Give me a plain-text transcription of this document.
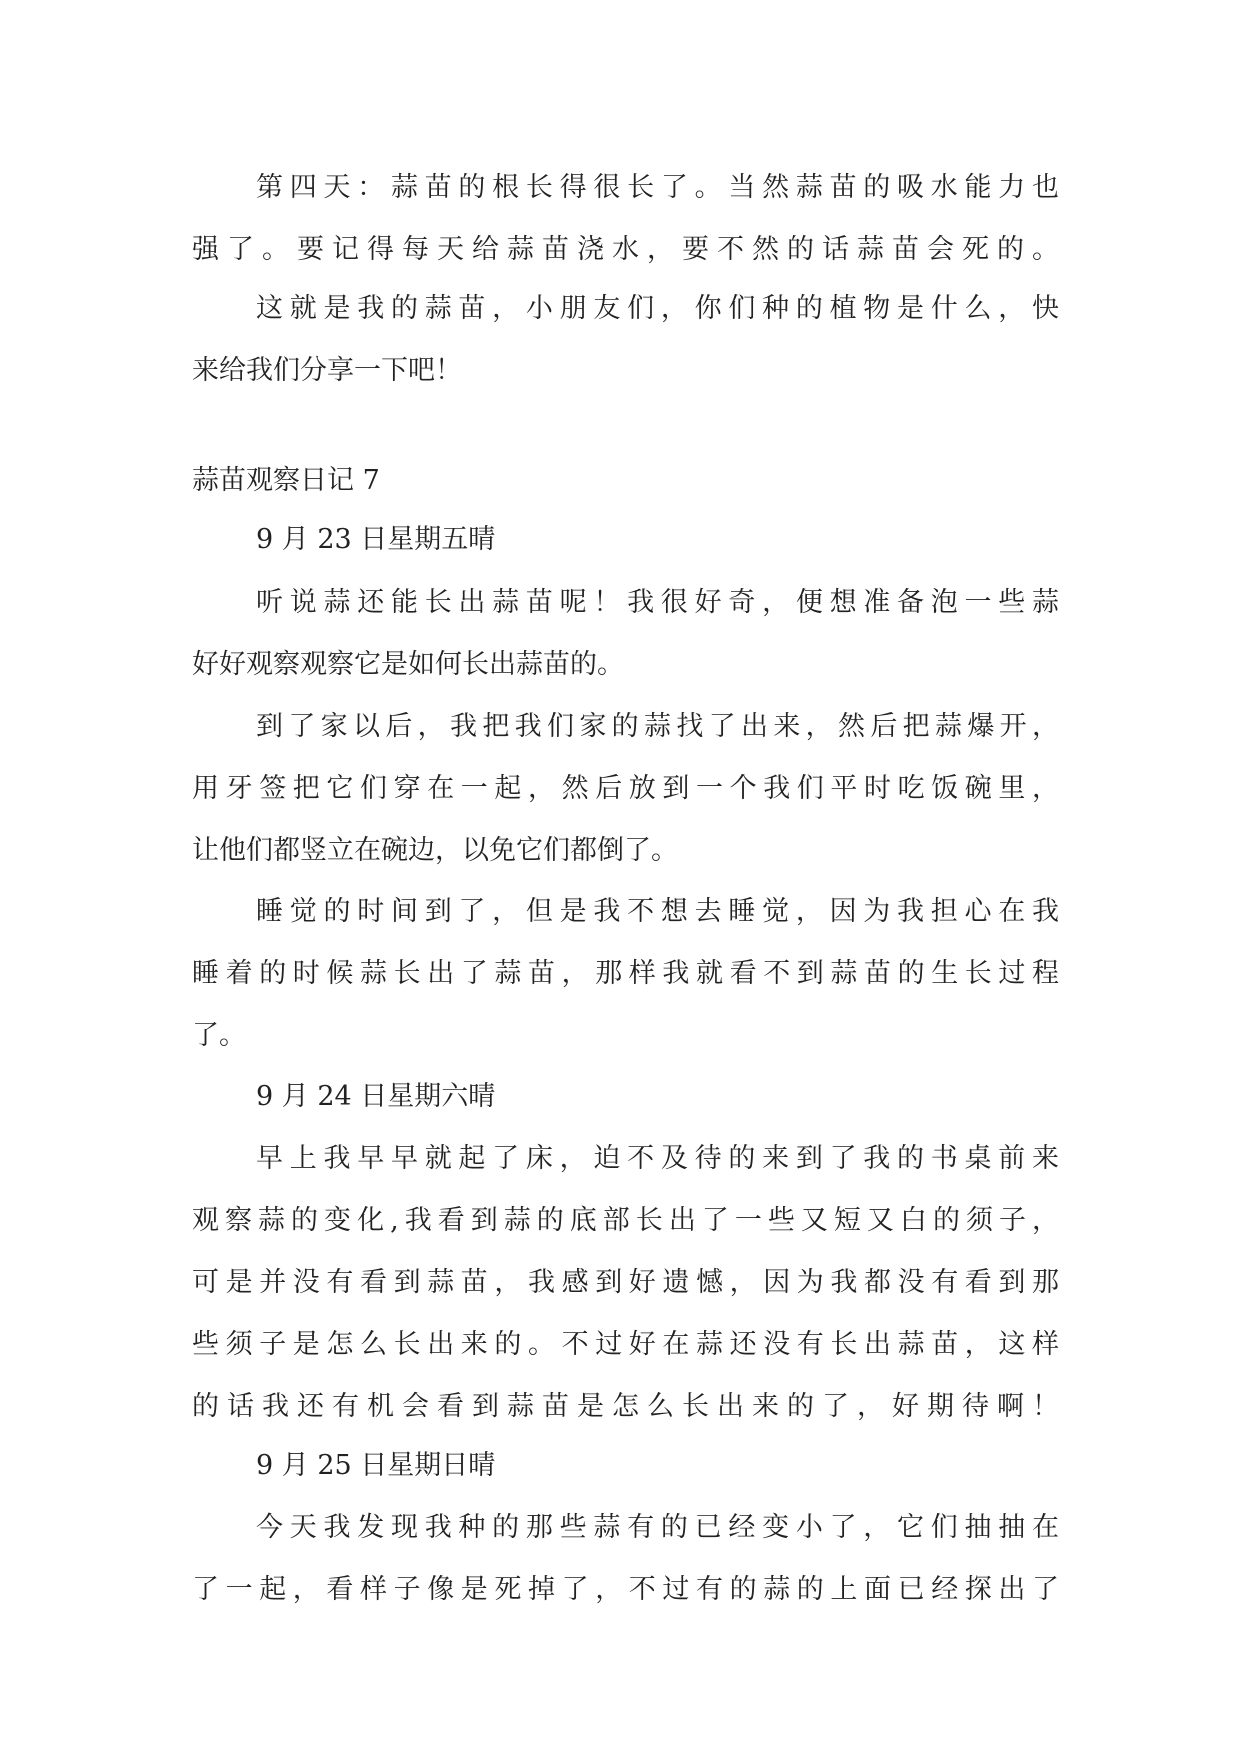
第四天：蒜苗的根长得很长了。当然蒜苗的吸水能力也
强了。要记得每天给蒜苗浇水，要不然的话蒜苗会死的。
这就是我的蒜苗，小朋友们，你们种的植物是什么，快
来给我们分享一下吧！
蒜苗观察日记 7
9 月 23 日星期五晴
听说蒜还能长出蒜苗呢！我很好奇，便想准备泡一些蒜
好好观察观察它是如何长出蒜苗的。
到了家以后，我把我们家的蒜找了出来，然后把蒜爆开，
用牙签把它们穿在一起，然后放到一个我们平时吃饭碗里，
让他们都竖立在碗边，以免它们都倒了。
睡觉的时间到了，但是我不想去睡觉，因为我担心在我
睡着的时候蒜长出了蒜苗，那样我就看不到蒜苗的生长过程
了。
9 月 24 日星期六晴
早上我早早就起了床，迫不及待的来到了我的书桌前来
观察蒜的变化,我看到蒜的底部长出了一些又短又白的须子，
可是并没有看到蒜苗，我感到好遗憾，因为我都没有看到那
些须子是怎么长出来的。不过好在蒜还没有长出蒜苗，这样
的话我还有机会看到蒜苗是怎么长出来的了，好期待啊！
9 月 25 日星期日晴
今天我发现我种的那些蒜有的已经变小了，它们抽抽在
了一起，看样子像是死掉了，不过有的蒜的上面已经探出了
